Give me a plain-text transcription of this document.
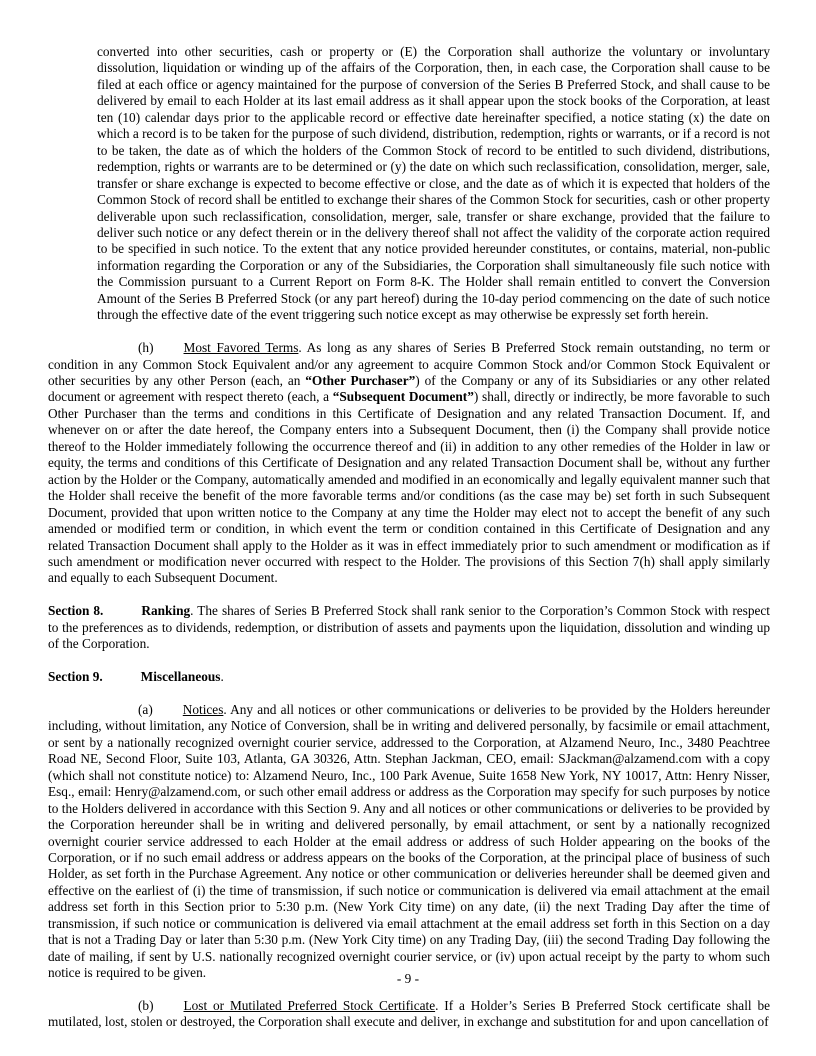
converted into other securities, cash or property or (E) the Corporation shall authorize the voluntary or involuntary dissolution, liquidation or winding up of the affairs of the Corporation, then, in each case, the Corporation shall cause to be filed at each office or agency maintained for the purpose of conversion of the Series B Preferred Stock, and shall cause to be delivered by email to each Holder at its last email address as it shall appear upon the stock books of the Corporation, at least ten (10) calendar days prior to the applicable record or effective date hereinafter specified, a notice stating (x) the date on which a record is to be taken for the purpose of such dividend, distribution, redemption, rights or warrants, or if a record is not to be taken, the date as of which the holders of the Common Stock of record to be entitled to such dividend, distributions, redemption, rights or warrants are to be determined or (y) the date on which such reclassification, consolidation, merger, sale, transfer or share exchange is expected to become effective or close, and the date as of which it is expected that holders of the Common Stock of record shall be entitled to exchange their shares of the Common Stock for securities, cash or other property deliverable upon such reclassification, consolidation, merger, sale, transfer or share exchange, provided that the failure to deliver such notice or any defect therein or in the delivery thereof shall not affect the validity of the corporate action required to be specified in such notice. To the extent that any notice provided hereunder constitutes, or contains, material, non-public information regarding the Corporation or any of the Subsidiaries, the Corporation shall simultaneously file such notice with the Commission pursuant to a Current Report on Form 8-K. The Holder shall remain entitled to convert the Conversion Amount of the Series B Preferred Stock (or any part hereof) during the 10-day period commencing on the date of such notice through the effective date of the event triggering such notice except as may otherwise be expressly set forth herein.
(h) Most Favored Terms. As long as any shares of Series B Preferred Stock remain outstanding, no term or condition in any Common Stock Equivalent and/or any agreement to acquire Common Stock and/or Common Stock Equivalent or other securities by any other Person (each, an “Other Purchaser”) of the Company or any of its Subsidiaries or any other related document or agreement with respect thereto (each, a “Subsequent Document”) shall, directly or indirectly, be more favorable to such Other Purchaser than the terms and conditions in this Certificate of Designation and any related Transaction Document. If, and whenever on or after the date hereof, the Company enters into a Subsequent Document, then (i) the Company shall provide notice thereof to the Holder immediately following the occurrence thereof and (ii) in addition to any other remedies of the Holder in law or equity, the terms and conditions of this Certificate of Designation and any related Transaction Document shall be, without any further action by the Holder or the Company, automatically amended and modified in an economically and legally equivalent manner such that the Holder shall receive the benefit of the more favorable terms and/or conditions (as the case may be) set forth in such Subsequent Document, provided that upon written notice to the Company at any time the Holder may elect not to accept the benefit of any such amended or modified term or condition, in which event the term or condition contained in this Certificate of Designation and any related Transaction Document shall apply to the Holder as it was in effect immediately prior to such amendment or modification as if such amendment or modification never occurred with respect to the Holder. The provisions of this Section 7(h) shall apply similarly and equally to each Subsequent Document.
Section 8.	Ranking. The shares of Series B Preferred Stock shall rank senior to the Corporation’s Common Stock with respect to the preferences as to dividends, redemption, or distribution of assets and payments upon the liquidation, dissolution and winding up of the Corporation.
Section 9.	Miscellaneous.
(a) Notices. Any and all notices or other communications or deliveries to be provided by the Holders hereunder including, without limitation, any Notice of Conversion, shall be in writing and delivered personally, by facsimile or email attachment, or sent by a nationally recognized overnight courier service, addressed to the Corporation, at Alzamend Neuro, Inc., 3480 Peachtree Road NE, Second Floor, Suite 103, Atlanta, GA 30326, Attn. Stephan Jackman, CEO, email: SJackman@alzamend.com with a copy (which shall not constitute notice) to: Alzamend Neuro, Inc., 100 Park Avenue, Suite 1658 New York, NY 10017, Attn: Henry Nisser, Esq., email: Henry@alzamend.com, or such other email address or address as the Corporation may specify for such purposes by notice to the Holders delivered in accordance with this Section 9. Any and all notices or other communications or deliveries to be provided by the Corporation hereunder shall be in writing and delivered personally, by email attachment, or sent by a nationally recognized overnight courier service addressed to each Holder at the email address or address of such Holder appearing on the books of the Corporation, or if no such email address or address appears on the books of the Corporation, at the principal place of business of such Holder, as set forth in the Purchase Agreement. Any notice or other communication or deliveries hereunder shall be deemed given and effective on the earliest of (i) the time of transmission, if such notice or communication is delivered via email attachment at the email address set forth in this Section prior to 5:30 p.m. (New York City time) on any date, (ii) the next Trading Day after the time of transmission, if such notice or communication is delivered via email attachment at the email address set forth in this Section on a day that is not a Trading Day or later than 5:30 p.m. (New York City time) on any Trading Day, (iii) the second Trading Day following the date of mailing, if sent by U.S. nationally recognized overnight courier service, or (iv) upon actual receipt by the party to whom such notice is required to be given.
(b) Lost or Mutilated Preferred Stock Certificate. If a Holder’s Series B Preferred Stock certificate shall be mutilated, lost, stolen or destroyed, the Corporation shall execute and deliver, in exchange and substitution for and upon cancellation of
- 9 -
